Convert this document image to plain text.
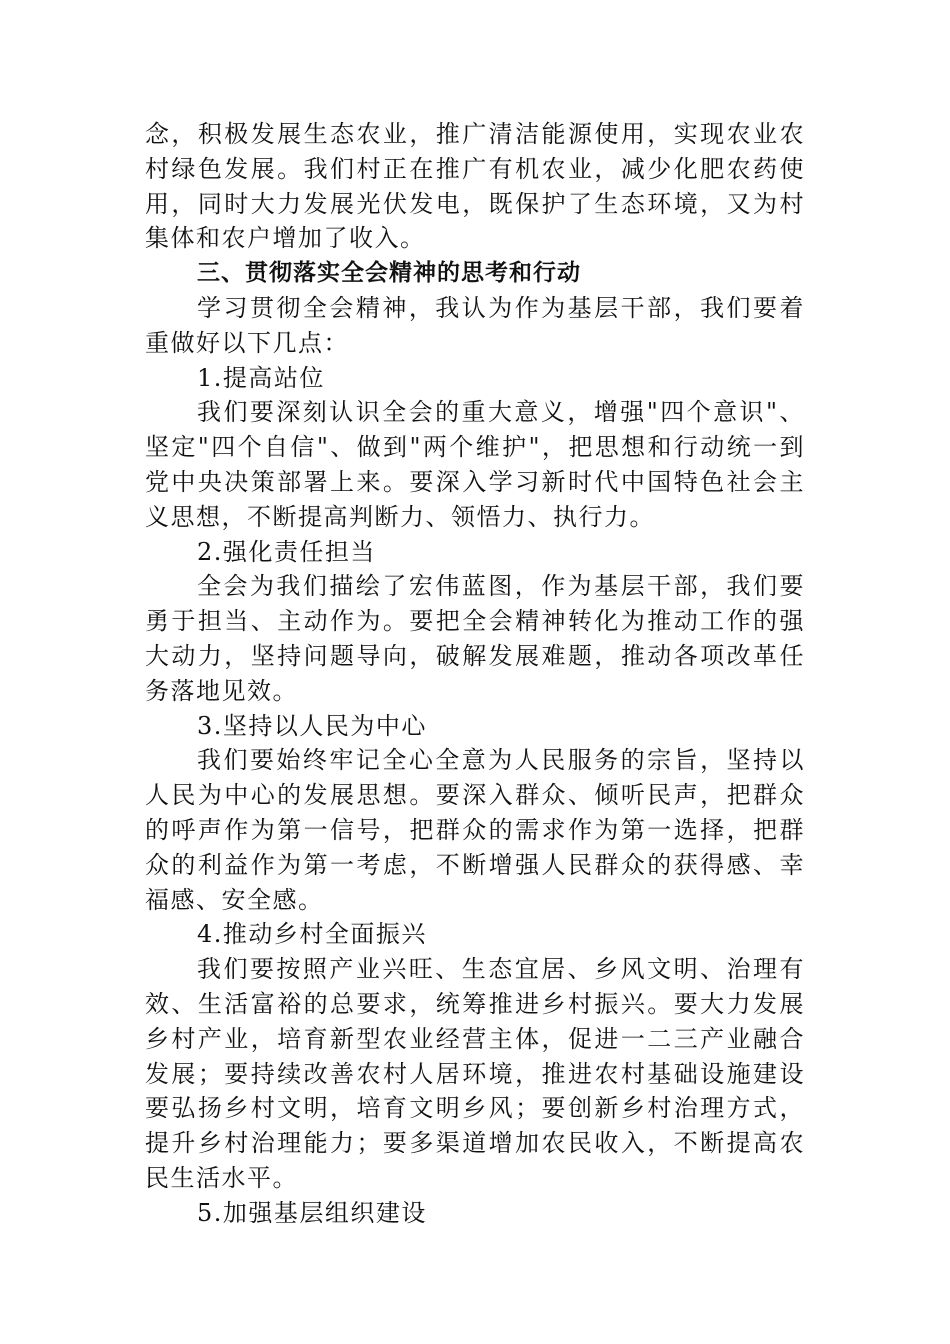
念，积极发展生态农业，推广清洁能源使用，实现农业农村绿色发展。我们村正在推广有机农业，减少化肥农药使用，同时大力发展光伏发电，既保护了生态环境，又为村集体和农户增加了收入。

三、贯彻落实全会精神的思考和行动

学习贯彻全会精神，我认为作为基层干部，我们要着重做好以下几点：

1.提高站位

我们要深刻认识全会的重大意义，增强"四个意识"、坚定"四个自信"、做到"两个维护"，把思想和行动统一到党中央决策部署上来。要深入学习新时代中国特色社会主义思想，不断提高判断力、领悟力、执行力。

2.强化责任担当

全会为我们描绘了宏伟蓝图，作为基层干部，我们要勇于担当、主动作为。要把全会精神转化为推动工作的强大动力，坚持问题导向，破解发展难题，推动各项改革任务落地见效。

3.坚持以人民为中心

我们要始终牢记全心全意为人民服务的宗旨，坚持以人民为中心的发展思想。要深入群众、倾听民声，把群众的呼声作为第一信号，把群众的需求作为第一选择，把群众的利益作为第一考虑，不断增强人民群众的获得感、幸福感、安全感。

4.推动乡村全面振兴

我们要按照产业兴旺、生态宜居、乡风文明、治理有效、生活富裕的总要求，统筹推进乡村振兴。要大力发展乡村产业，培育新型农业经营主体，促进一二三产业融合发展；要持续改善农村人居环境，推进农村基础设施建设要弘扬乡村文明，培育文明乡风；要创新乡村治理方式，提升乡村治理能力；要多渠道增加农民收入，不断提高农民生活水平。

5.加强基层组织建设
